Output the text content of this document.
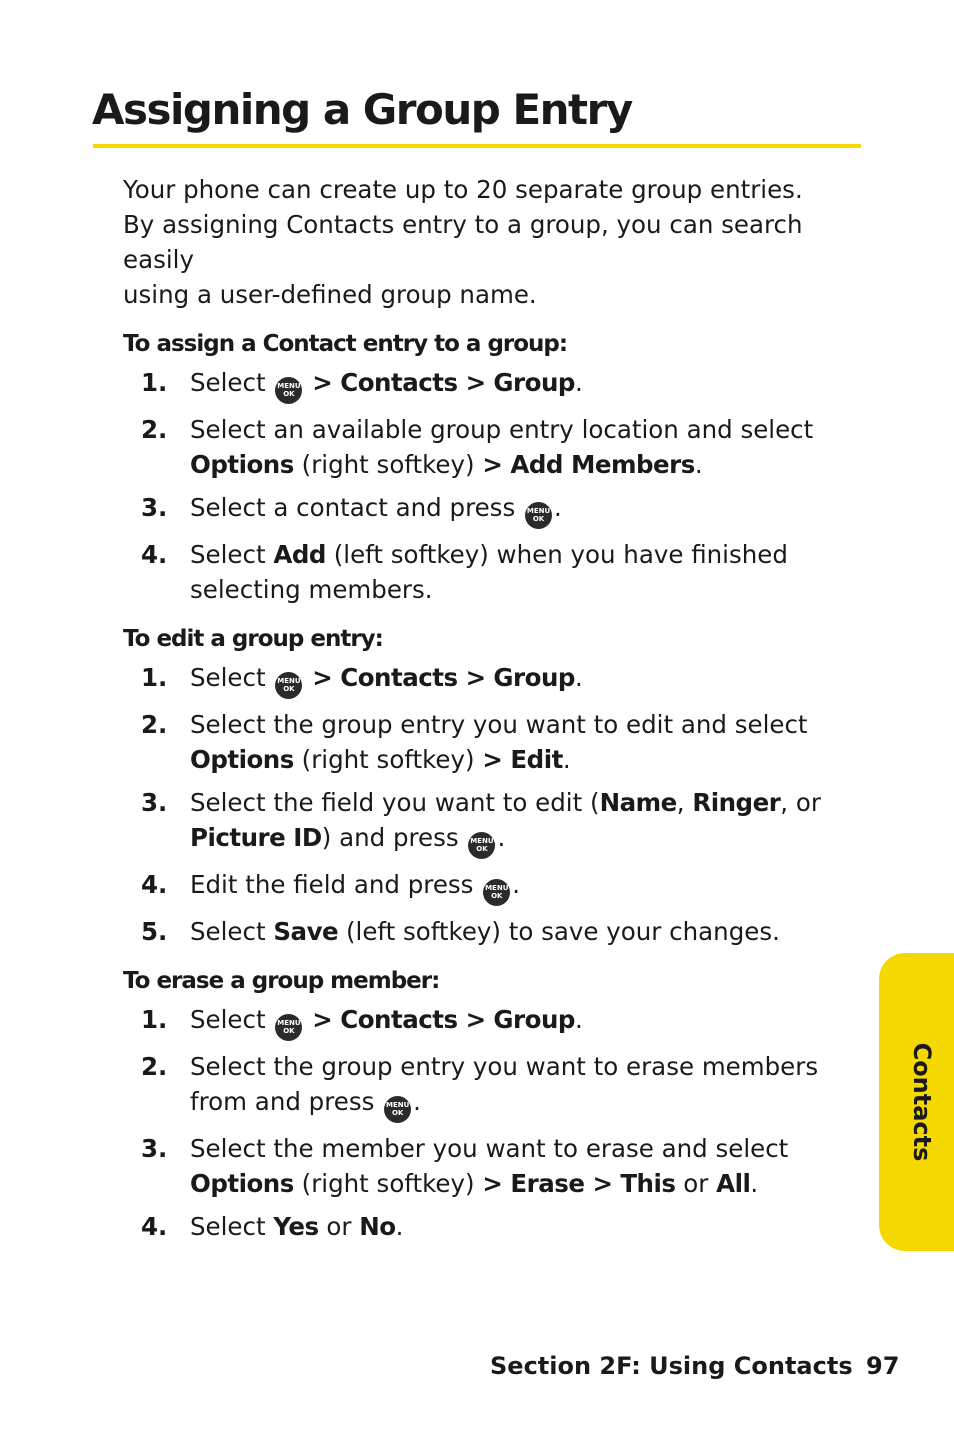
Assigning a Group Entry

Your phone can create up to 20 separate group entries.
By assigning Contacts entry to a group, you can search easily
using a user-defined group name.

To assign a Contact entry to a group:
1. Select MENU
OK > Contacts > Group.
2. Select an available group entry location and select Options (right softkey) > Add Members.
3. Select a contact and press MENU
OK .
4. Select Add (left softkey) when you have finished selecting members.
To edit a group entry:
1. Select MENU
OK > Contacts > Group.
2. Select the group entry you want to edit and select Options (right softkey) > Edit.
3. Select the field you want to edit (Name, Ringer, or Picture ID) and press MENU
OK .
4. Edit the field and press MENU
OK .
5. Select Save (left softkey) to save your changes.
To erase a group member:
1. Select MENU
OK > Contacts > Group.
2. Select the group entry you want to erase members from and press MENU
OK .
3. Select the member you want to erase and select Options (right softkey) > Erase > This or All.
4. Select Yes or No.
Contacts
Section 2F: Using Contacts 97
